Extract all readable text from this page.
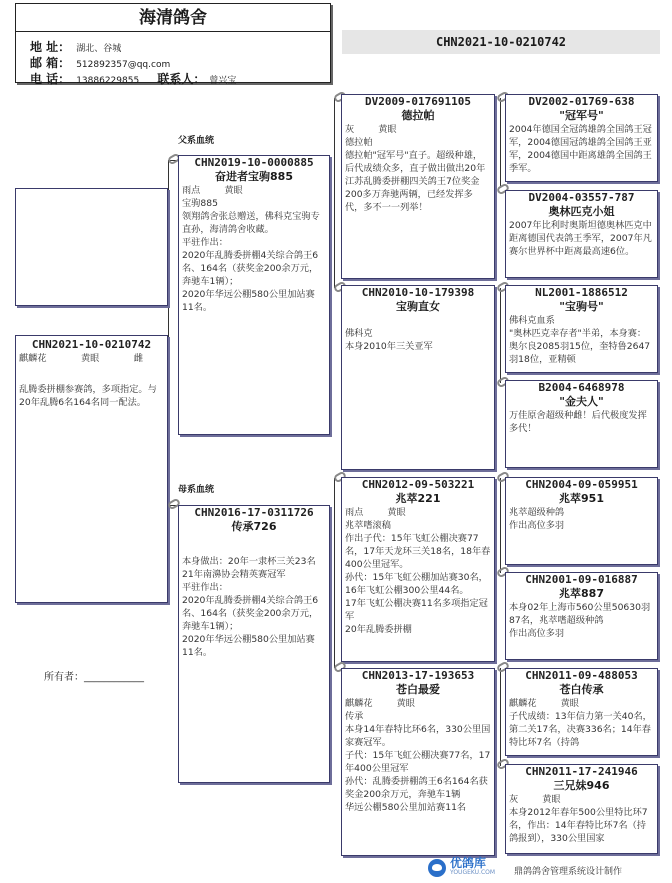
海清鸽舍
地 址： 湖北、谷城
邮 箱： 512892357@qq.com
电 话： 13886229855 联系人： 曾兴宝
CHN2021-10-0210742
CHN2021-10-0210742
麒麟花	黄眼	雌
乱腾委拼棚参赛鸽，多项指定。与20年乱腾6名164名同一配法。
父系血统
母系血统
所有者：____________
CHN2019-10-0000885
奋进者宝驹885
雨点	黄眼
宝驹885
领翔鸽舍张总赠送，佛科克宝驹专直孙，海清鸽舍收藏。
平驻作出：
2020年乱腾委拼棚4关综合鸽王6名、164名（获奖金200余万元，奔驰车1辆）；
2020年华远公棚580公里加站赛11名。
CHN2016-17-0311726
传承726
本身做出：20年一隶杯三关23名
21年南濞协会精英赛冠军
平驻作出：
2020年乱腾委拼棚4关综合鸽王6名、164名（获奖金200余万元，奔驰车1辆）；
2020年华远公棚580公里加站赛11名。
DV2009-017691105
德拉帕
灰	黄眼
德拉帕
德拉帕"冠军号"直子。超级种雄，后代成绩众多，直子做出做出20年江苏乱腾委拼棚四关鸽王7位奖金200多万奔驰两辆，已经发挥多代，多不一一列举！
CHN2010-10-179398
宝驹直女
佛科克
本身2010年三关亚军
CHN2012-09-503221
兆萃221
雨点	黄眼
兆萃嗜滚稿
作出子代：15年飞虹公棚决赛77名，17年天龙环三关18名，18年春400公里冠军。
孙代：15年飞虹公棚加站赛30名，16年飞虹公棚300公里44名。
17年飞虹公棚决赛11名多项指定冠军
20年乱腾委拼棚
CHN2013-17-193653
苍白最爱
麒麟花	黄眼
传承
本身14年春特比环6名，330公里国家赛冠军。
子代：15年飞虹公棚决赛77名，17年400公里冠军
孙代：乱腾委拼棚鸽王6名164名获奖金200余万元，奔驰车1辆
华远公棚580公里加站赛11名
DV2002-01769-638
"冠军号"
2004年德国全冠鸽雄鸽全国鸽王冠军，2004德国冠鸽雄鸽全国鸽王亚军，2004德国中距离雄鸽全国鸽王季军。
DV2004-03557-787
奥林匹克小姐
2007年比利时奥斯坦德奥林匹克中距离德国代表鸽王季军，2007年凡赛尔世界杯中距离最高速6位。
NL2001-1886512
"宝驹号"
佛科克血系
"奥林匹克幸存者"半弟，本身赛：奥尔良2085羽15位，奎特鲁2647羽18位，亚精顿
B2004-6468978
"金夫人"
万佳原舍超级种雌！后代极度发挥多代！
CHN2004-09-059951
兆萃951
兆萃超级种鸽
作出高位多羽
CHN2001-09-016887
兆萃887
本身02年上海市560公里50630羽87名，兆萃嗜超级种鸽
作出高位多羽
CHN2011-09-488053
苍白传承
麒麟花	黄眼
子代成绩：13年信力第一关40名，第二关17名，决赛336名；14年春特比环7名（持鸽
CHN2011-17-241946
三兄妹946
灰	黄眼
本身2012年春年500公里特比环7名，作出：14年春特比环7名（持鸽报到），330公里国家
优鸽库
YOUGEKU.COM 鼎鸽鸽舍管理系统设计制作
